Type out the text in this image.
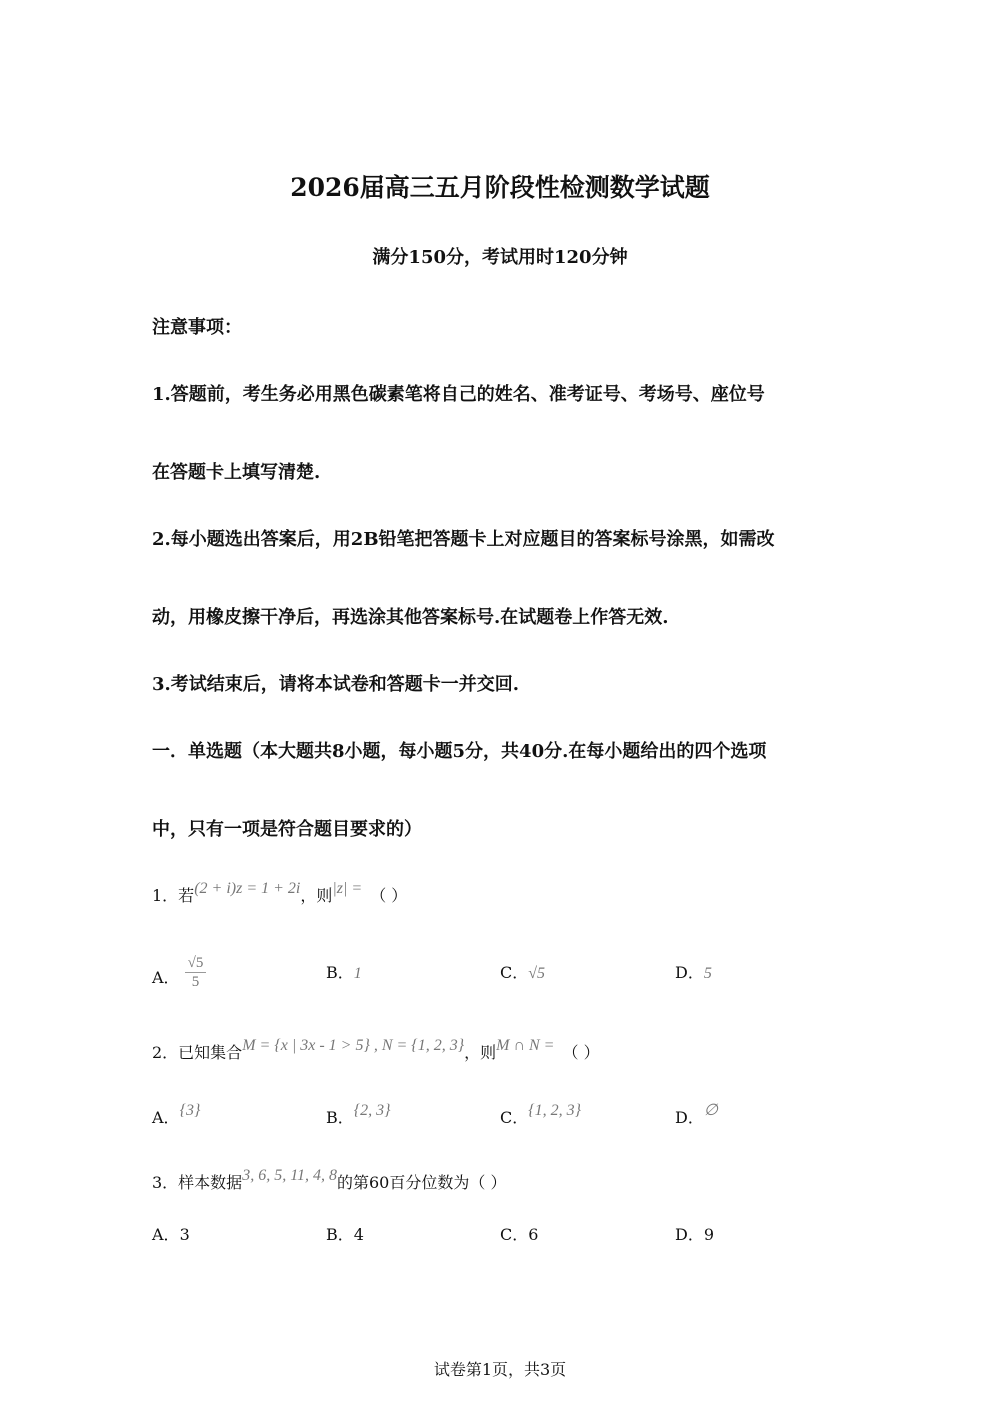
2026届高三五月阶段性检测数学试题
满分150分，考试用时120分钟
注意事项：
1.答题前，考生务必用黑色碳素笔将自己的姓名、准考证号、考场号、座位号
在答题卡上填写清楚.
2.每小题选出答案后，用2B铅笔把答题卡上对应题目的答案标号涂黑，如需改
动，用橡皮擦干净后，再选涂其他答案标号.在试题卷上作答无效.
3.考试结束后，请将本试卷和答题卡一并交回.
一．单选题（本大题共8小题，每小题5分，共40分.在每小题给出的四个选项
中，只有一项是符合题目要求的）
1．若(2 + i)z = 1 + 2i，则|z| = （ ）
A． $\frac{√5}{5}$	B．1	C．√5	D．5
2．已知集合M = {x | 3x - 1 > 5} , N = {1, 2, 3}，则M ∩ N = （ ）
A．{3}	B．{2, 3}	C．{1, 2, 3}	D．∅
3．样本数据3, 6, 5, 11, 4, 8的第60百分位数为（ ）
A．3	B．4	C．6	D．9
试卷第1页，共3页
